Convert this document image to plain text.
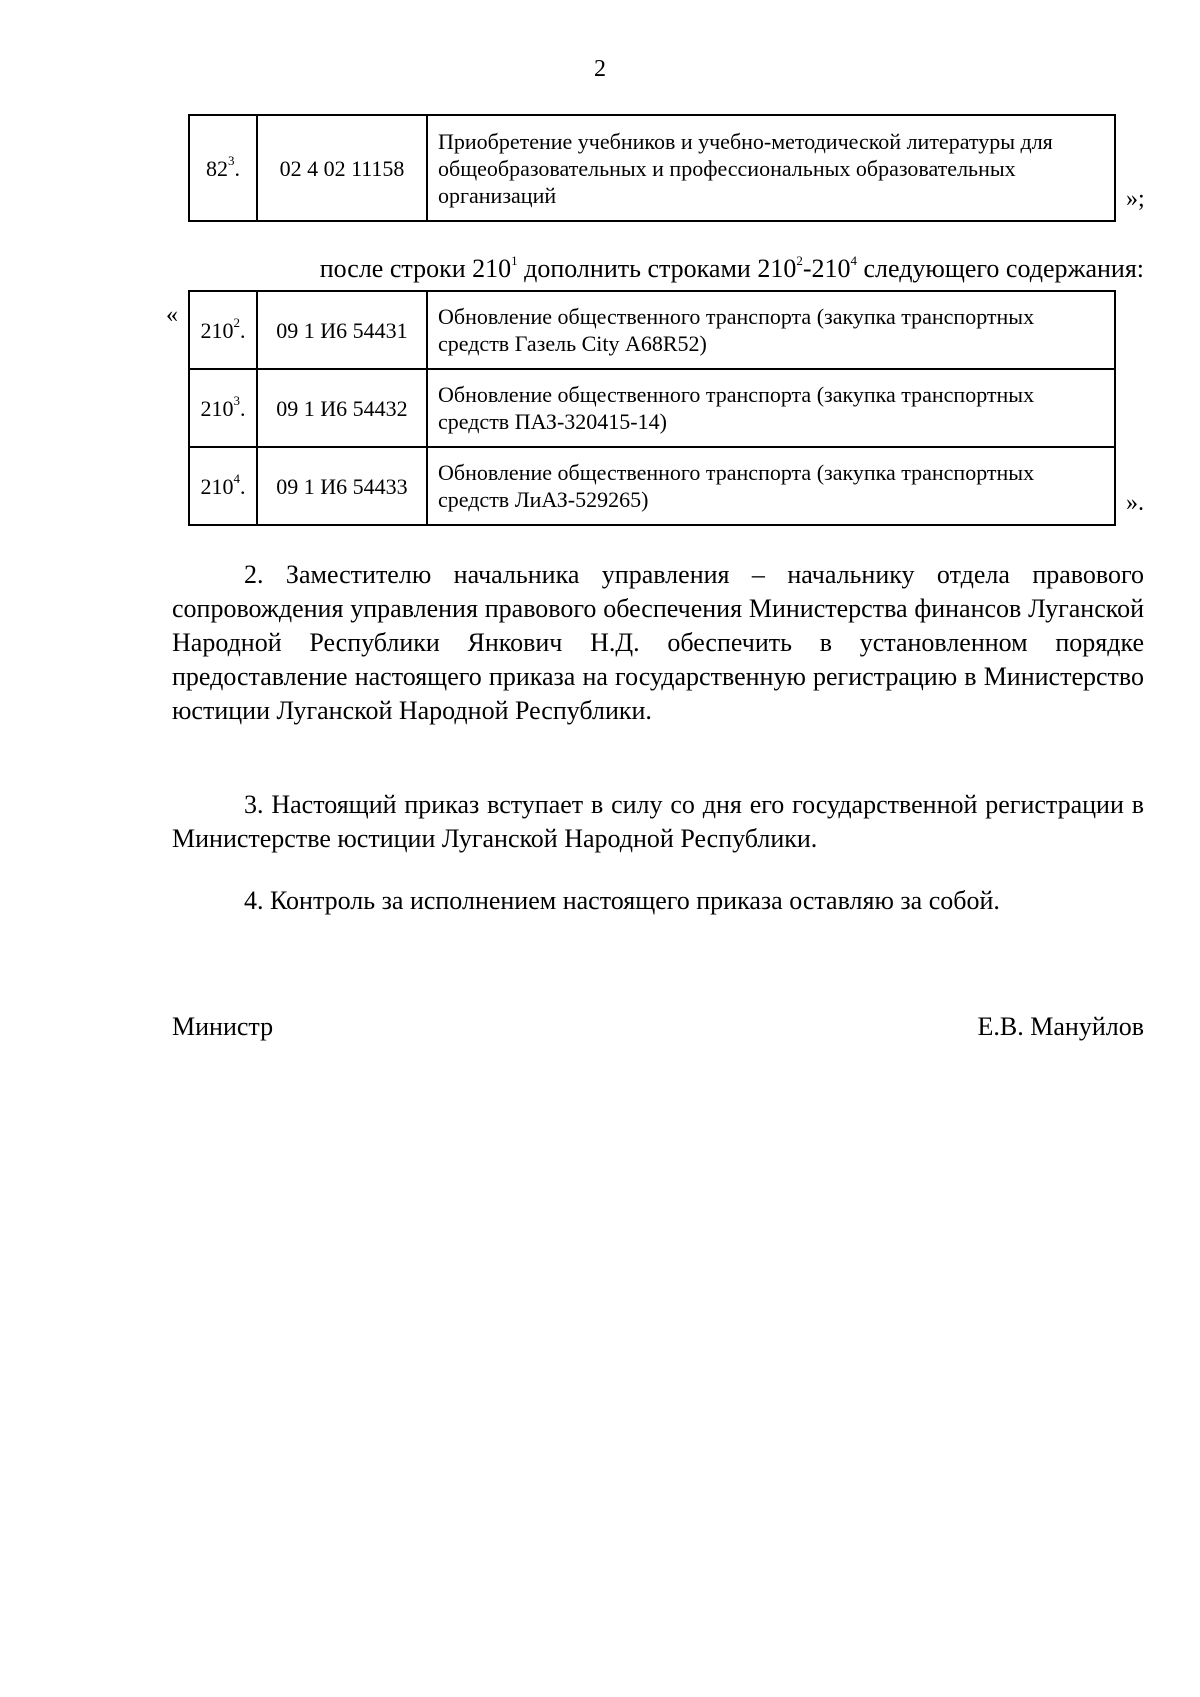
2
$82^3$.	02 4 02 11158	Приобретение учебников и учебно-методической литературы для общеобразовательных и профессиональных образовательных организаций	»;
после строки $210^1$ дополнить строками $210^2-210^4$ следующего содержания:
«
$210^2$.	09 1 И6 54431	Обновление общественного транспорта (закупка транспортных средств Газель City А68R52)
$210^3$.	09 1 И6 54432	Обновление общественного транспорта (закупка транспортных средств ПАЗ-320415-14)
$210^4$.	09 1 И6 54433	Обновление общественного транспорта (закупка транспортных средств ЛиАЗ-529265)	».

2. Заместителю начальника управления – начальнику отдела правового сопровождения управления правового обеспечения Министерства финансов Луганской Народной Республики Янкович Н.Д. обеспечить в установленном порядке предоставление настоящего приказа на государственную регистрацию в Министерство юстиции Луганской Народной Республики.

3. Настоящий приказ вступает в силу со дня его государственной регистрации в Министерстве юстиции Луганской Народной Республики.

4. Контроль за исполнением настоящего приказа оставляю за собой.

Министр	Е.В. Мануйлов
